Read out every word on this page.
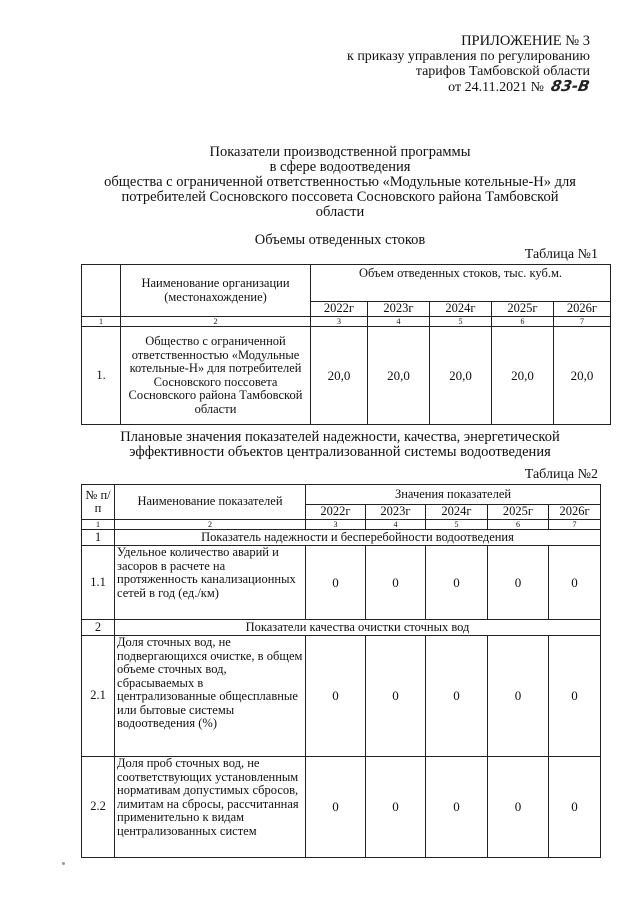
ПРИЛОЖЕНИЕ № 3
к приказу управления по регулированию
тарифов Тамбовской области
от 24.11.2021 № 83-В
Показатели производственной программы
в сфере водоотведения
общества с ограниченной ответственностью «Модульные котельные-Н» для
потребителей Сосновского поссовета Сосновского района Тамбовской
области
Объемы отведенных стоков
Таблица №1
	Наименование организации (местонахождение)	Объем отведенных стоков, тыс. куб.м.				
		2022г	2023г	2024г	2025г	2026г
1	2	3	4	5	6	7
1.	Общество с ограниченной ответственностью «Модульные котельные-Н» для потребителей Сосновского поссовета Сосновского района Тамбовской области	20,0	20,0	20,0	20,0	20,0
Плановые значения показателей надежности, качества, энергетической
эффективности объектов централизованной системы водоотведения
Таблица №2
№ п/п	Наименование показателей	Значения показателей				
		2022г	2023г	2024г	2025г	2026г
1	2	3	4	5	6	7
1	Показатель надежности и бесперебойности водоотведения					
1.1	Удельное количество аварий и засоров в расчете на протяженность канализационных сетей в год (ед./км)	0	0	0	0	0
2	Показатели качества очистки сточных вод					
2.1	Доля сточных вод, не подвергающихся очистке, в общем объеме сточных вод, сбрасываемых в централизованные общесплавные или бытовые системы водоотведения (%)	0	0	0	0	0
2.2	Доля проб сточных вод, не соответствующих установленным нормативам допустимых сбросов, лимитам на сбросы, рассчитанная применительно к видам централизованных систем	0	0	0	0	0
